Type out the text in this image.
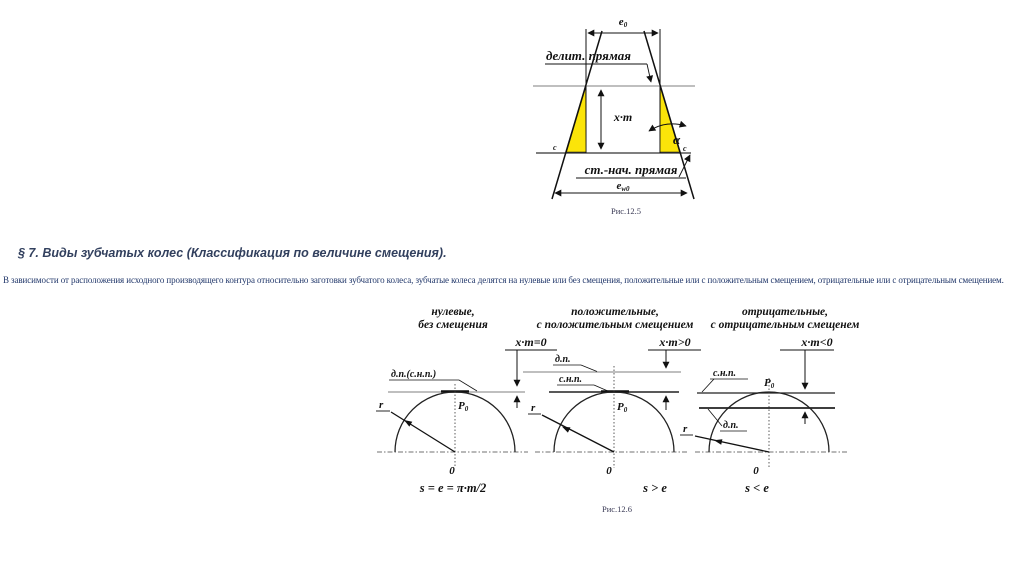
e0
делит. прямая
x·m
α
c	c
ст.-нач. прямая
ew0
Рис.12.5
§ 7. Виды зубчатых колес (Классификация по величине смещения).
В зависимости от расположения исходного производящего контура относительно заготовки зубчатого колеса, зубчатые колеса делятся на нулевые или без смещения, положительные или с положительным смещением, отрицательные или с отрицательным смещением.
нулевые,
без смещения
положительные,
с положительным смещением
отрицательные,
с отрицательным смещенем
x·m=0	x·m>0	x·m<0
д.п.(с.н.п.)
P0
r
0
s = e = π·m/2
д.п.
с.н.п.
P0
r
0
s > e
с.н.п.
д.п.
P0
r
0
s < e
Рис.12.6
